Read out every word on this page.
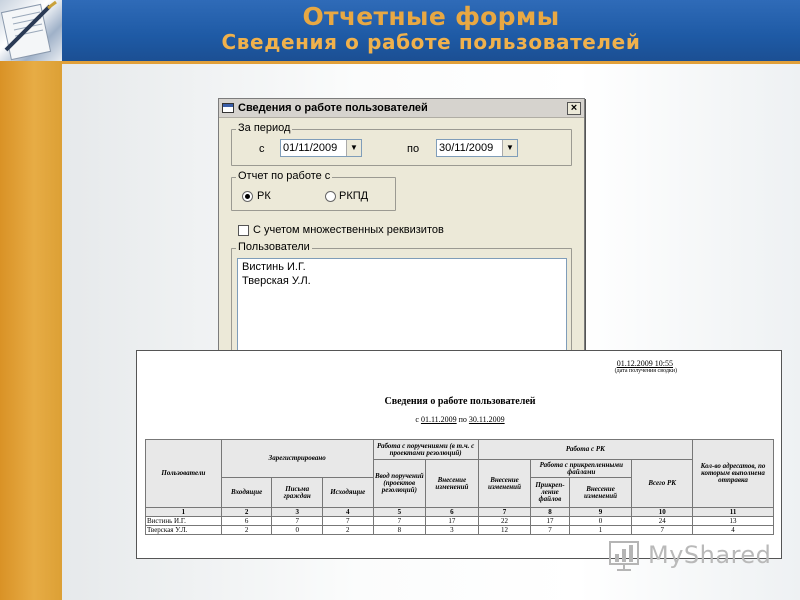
Отчетные формы
Сведения о работе пользователей
Сведения о работе пользователей	×
За период
с 01/11/2009	▼	по 30/11/2009	▼
Отчет по работе с
РК	РКПД
С учетом множественных реквизитов
Пользователи
Вистинь И.Г.
Тверская У.Л.
01.12.2009 10:55
(дата получения сводки)
Сведения о работе пользователей
с 01.11.2009 по 30.11.2009
Пользователи	Зарегистрировано			Работа с поручениями (в т.ч. с проектами резолюций)		Работа с РК				Кол-во адресатов, по которым выполнена отправка
				Ввод поручений (проектов резолюций)	Внесение изменений	Внесение изменений	Работа с прикрепленными файлами		Всего РК	
	Входящие	Письма граждан	Исходящие				Прикреп-ление файлов	Внесение изменений		
1	2	3	4	5	6	7	8	9	10	11
Вистинь И.Г.	6	7	7	7	17	22	17	0	24	13
Тверская У.Л.	2	0	2	8	3	12	7	1	7	4
MyShared
